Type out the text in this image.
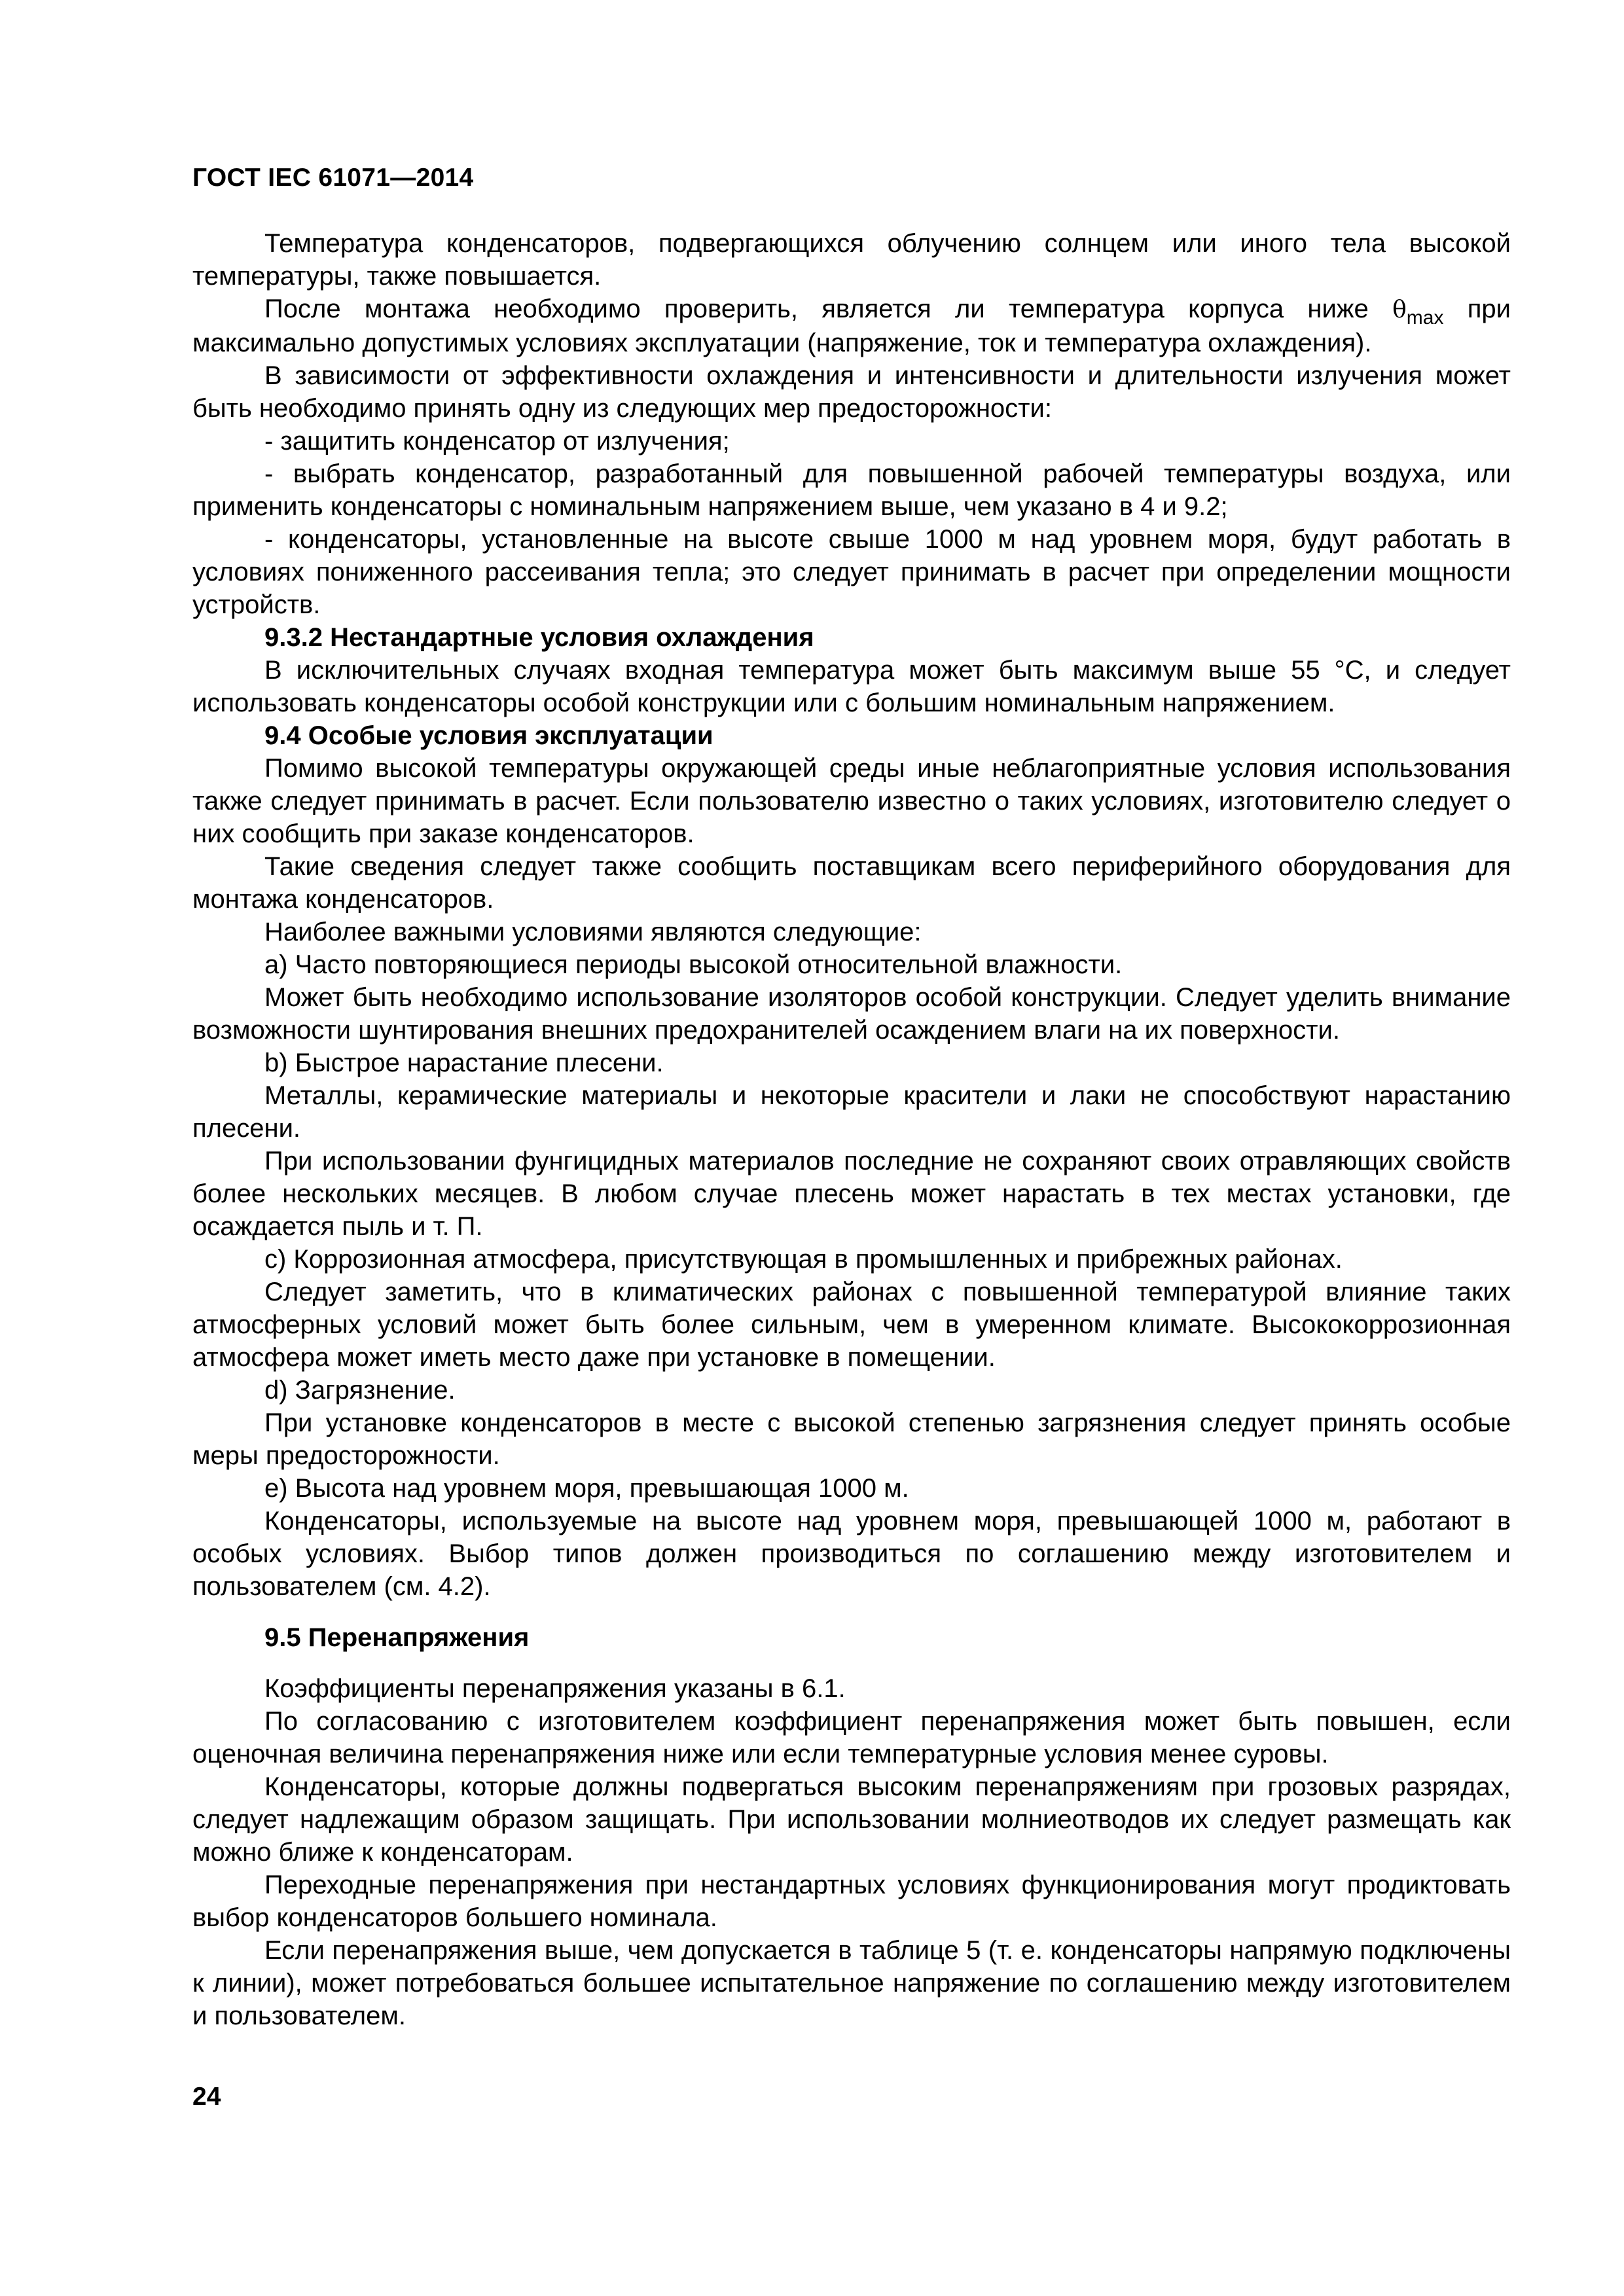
ГОСТ IEC 61071—2014

Температура конденсаторов, подвергающихся облучению солнцем или иного тела высокой температуры, также повышается.

После монтажа необходимо проверить, является ли температура корпуса ниже $\theta_{max}$ при максимально допустимых условиях эксплуатации (напряжение, ток и температура охлаждения).

В зависимости от эффективности охлаждения и интенсивности и длительности излучения может быть необходимо принять одну из следующих мер предосторожности:

- защитить конденсатор от излучения;

- выбрать конденсатор, разработанный для повышенной рабочей температуры воздуха, или применить конденсаторы с номинальным напряжением выше, чем указано в 4 и 9.2;

- конденсаторы, установленные на высоте свыше 1000 м над уровнем моря, будут работать в условиях пониженного рассеивания тепла; это следует принимать в расчет при определении мощности устройств.

9.3.2 Нестандартные условия охлаждения

В исключительных случаях входная температура может быть максимум выше 55 °С, и следует использовать конденсаторы особой конструкции или с большим номинальным напряжением.

9.4 Особые условия эксплуатации

Помимо высокой температуры окружающей среды иные неблагоприятные условия использования также следует принимать в расчет. Если пользователю известно о таких условиях, изготовителю следует о них сообщить при заказе конденсаторов.

Такие сведения следует также сообщить поставщикам всего периферийного оборудования для монтажа конденсаторов.

Наиболее важными условиями являются следующие:

а) Часто повторяющиеся периоды высокой относительной влажности.

Может быть необходимо использование изоляторов особой конструкции. Следует уделить внимание возможности шунтирования внешних предохранителей осаждением влаги на их поверхности.

b) Быстрое нарастание плесени.

Металлы, керамические материалы и некоторые красители и лаки не способствуют нарастанию плесени.

При использовании фунгицидных материалов последние не сохраняют своих отравляющих свойств более нескольких месяцев. В любом случае плесень может нарастать в тех местах установки, где осаждается пыль и т. П.

с) Коррозионная атмосфера, присутствующая в промышленных и прибрежных районах.

Следует заметить, что в климатических районах с повышенной температурой влияние таких атмосферных условий может быть более сильным, чем в умеренном климате. Высококоррозионная атмосфера может иметь место даже при установке в помещении.

d) Загрязнение.

При установке конденсаторов в месте с высокой степенью загрязнения следует принять особые меры предосторожности.

е) Высота над уровнем моря, превышающая 1000 м.

Конденсаторы, используемые на высоте над уровнем моря, превышающей 1000 м, работают в особых условиях. Выбор типов должен производиться по соглашению между изготовителем и пользователем (см. 4.2).

9.5 Перенапряжения

Коэффициенты перенапряжения указаны в 6.1.

По согласованию с изготовителем коэффициент перенапряжения может быть повышен, если оценочная величина перенапряжения ниже или если температурные условия менее суровы.

Конденсаторы, которые должны подвергаться высоким перенапряжениям при грозовых разрядах, следует надлежащим образом защищать. При использовании молниеотводов их следует размещать как можно ближе к конденсаторам.

Переходные перенапряжения при нестандартных условиях функционирования могут продиктовать выбор конденсаторов большего номинала.

Если перенапряжения выше, чем допускается в таблице 5 (т. е. конденсаторы напрямую подключены к линии), может потребоваться большее испытательное напряжение по соглашению между изготовителем и пользователем.

24
